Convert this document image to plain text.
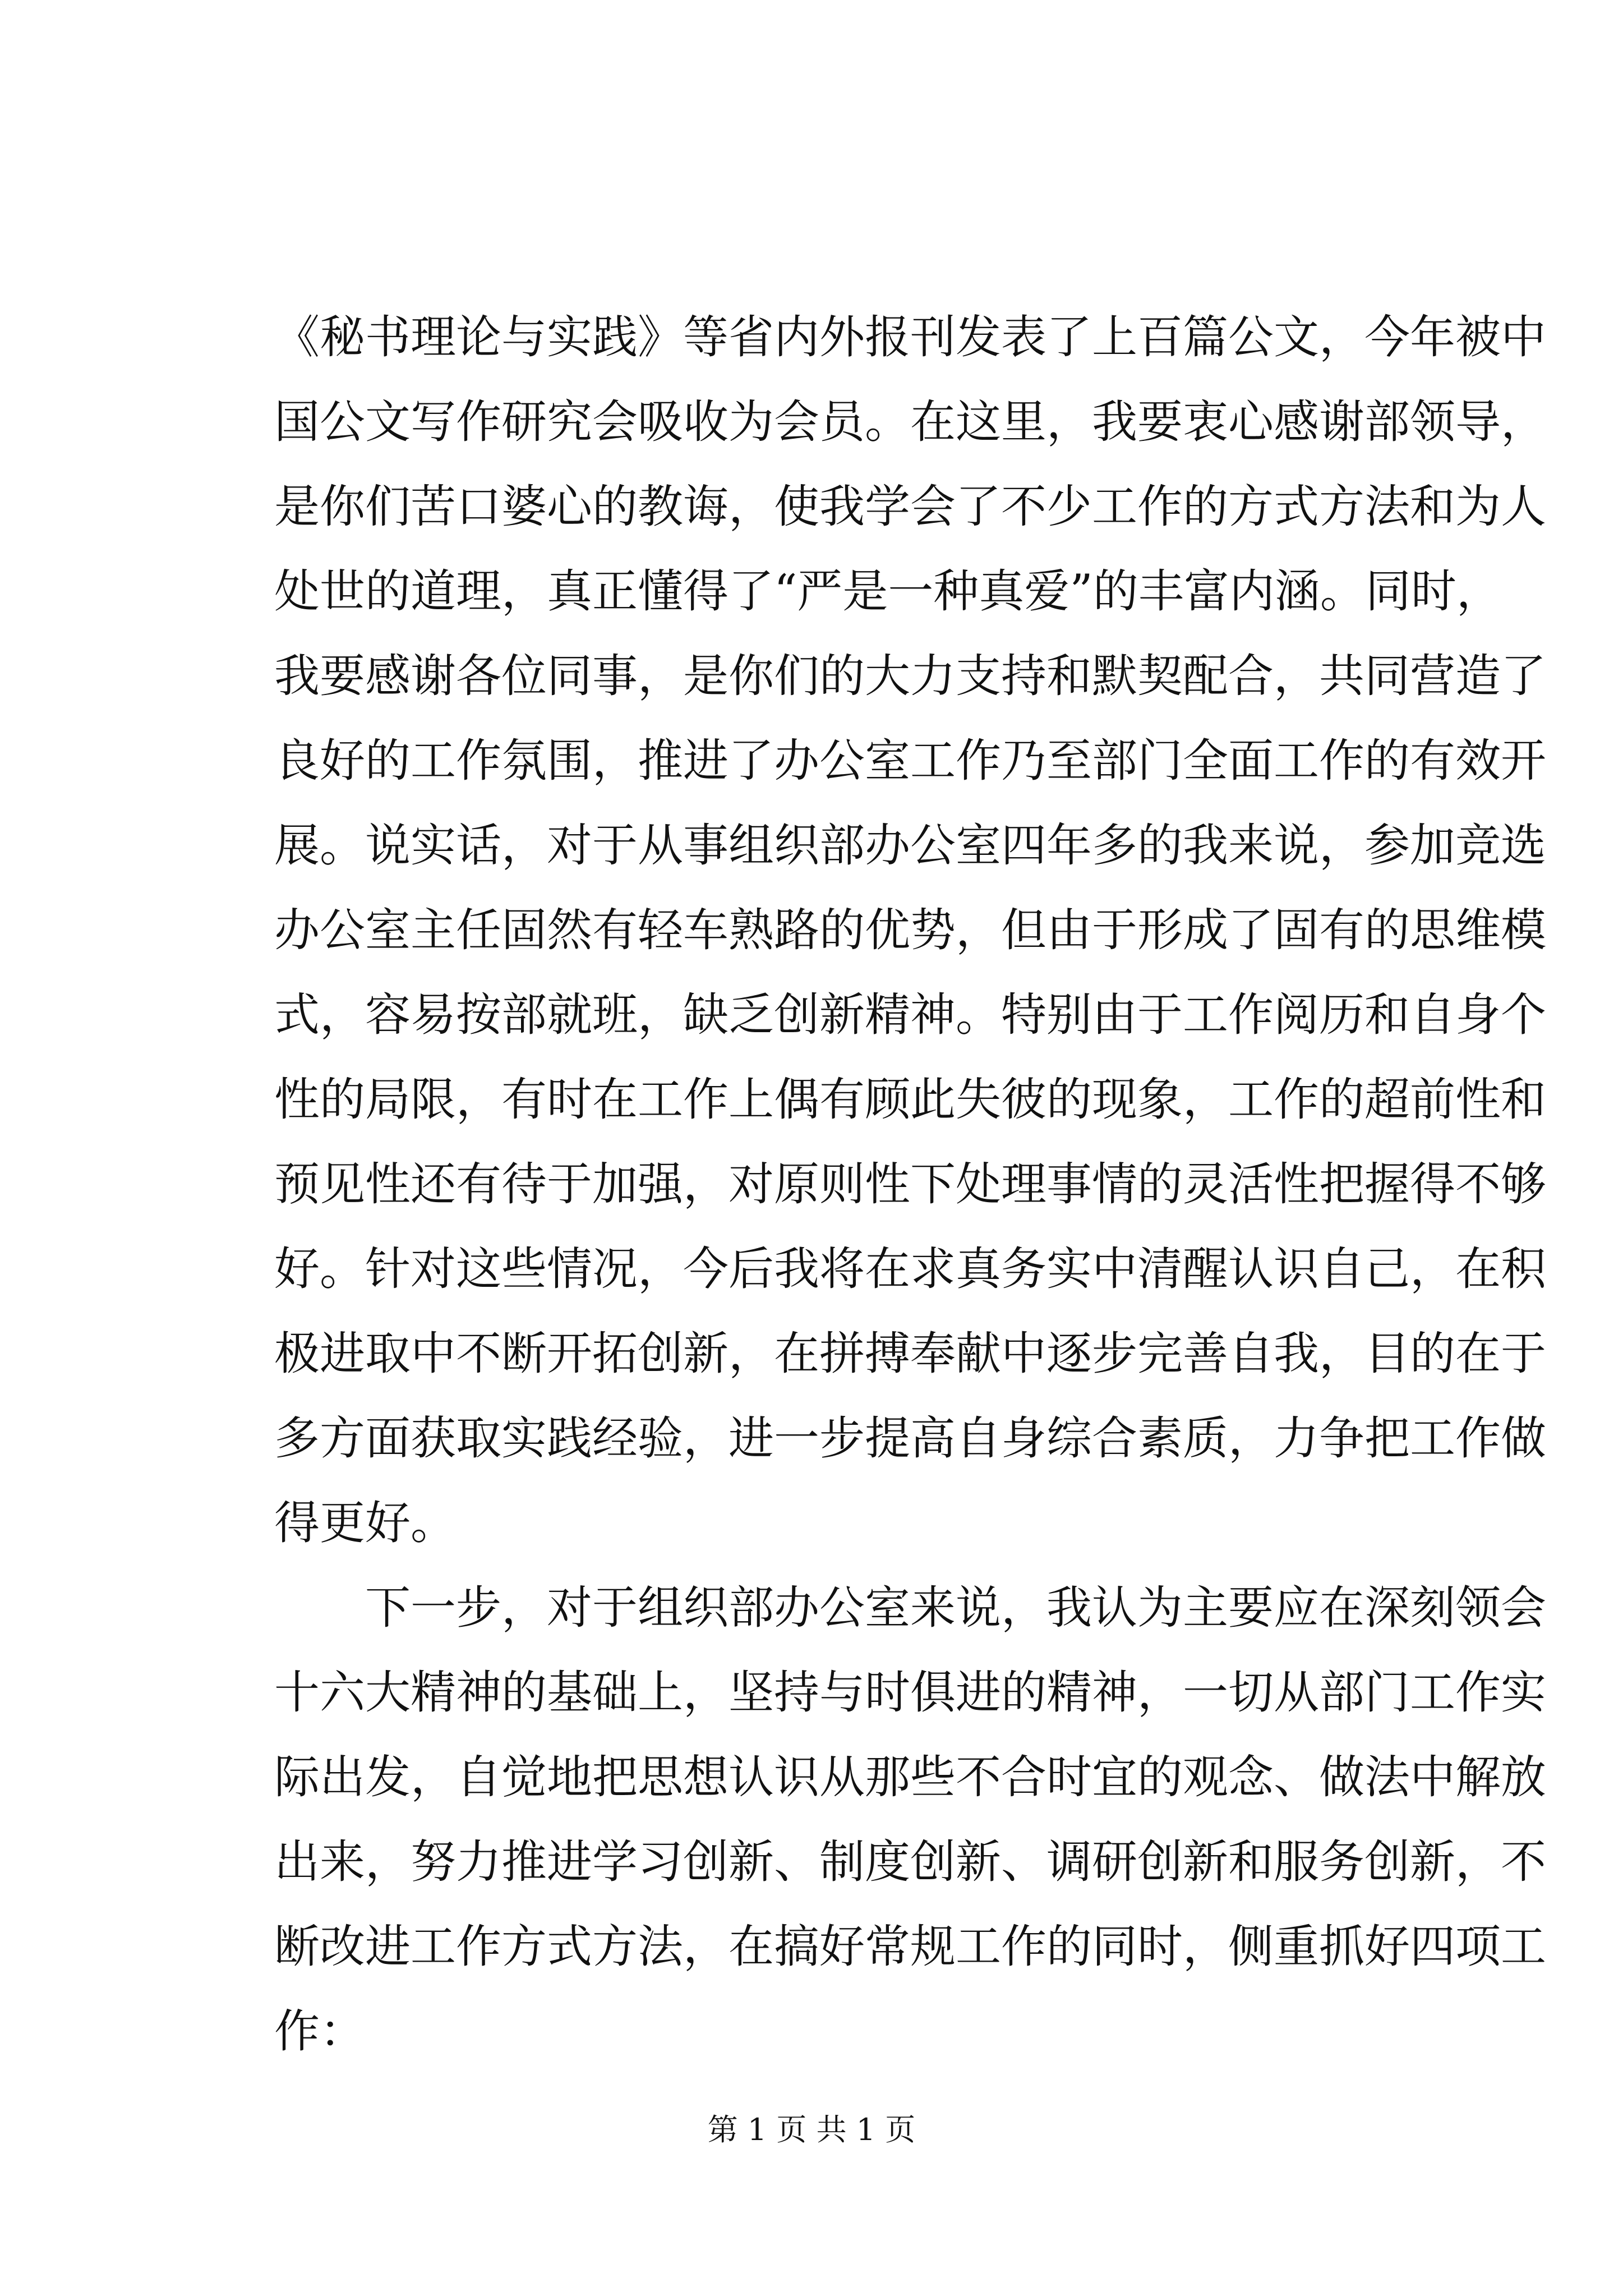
《秘书理论与实践》等省内外报刊发表了上百篇公文，今年被中
国公文写作研究会吸收为会员。在这里，我要衷心感谢部领导，
是你们苦口婆心的教诲，使我学会了不少工作的方式方法和为人
处世的道理，真正懂得了“严是一种真爱”的丰富内涵。同时，
我要感谢各位同事，是你们的大力支持和默契配合，共同营造了
良好的工作氛围，推进了办公室工作乃至部门全面工作的有效开
展。说实话，对于从事组织部办公室四年多的我来说，参加竞选
办公室主任固然有轻车熟路的优势，但由于形成了固有的思维模
式，容易按部就班，缺乏创新精神。特别由于工作阅历和自身个
性的局限，有时在工作上偶有顾此失彼的现象，工作的超前性和
预见性还有待于加强，对原则性下处理事情的灵活性把握得不够
好。针对这些情况，今后我将在求真务实中清醒认识自己，在积
极进取中不断开拓创新，在拼搏奉献中逐步完善自我，目的在于
多方面获取实践经验，进一步提高自身综合素质，力争把工作做
得更好。
下一步，对于组织部办公室来说，我认为主要应在深刻领会
十六大精神的基础上，坚持与时俱进的精神，一切从部门工作实
际出发，自觉地把思想认识从那些不合时宜的观念、做法中解放
出来，努力推进学习创新、制度创新、调研创新和服务创新，不
断改进工作方式方法，在搞好常规工作的同时，侧重抓好四项工
作：
第 1 页 共 1 页
